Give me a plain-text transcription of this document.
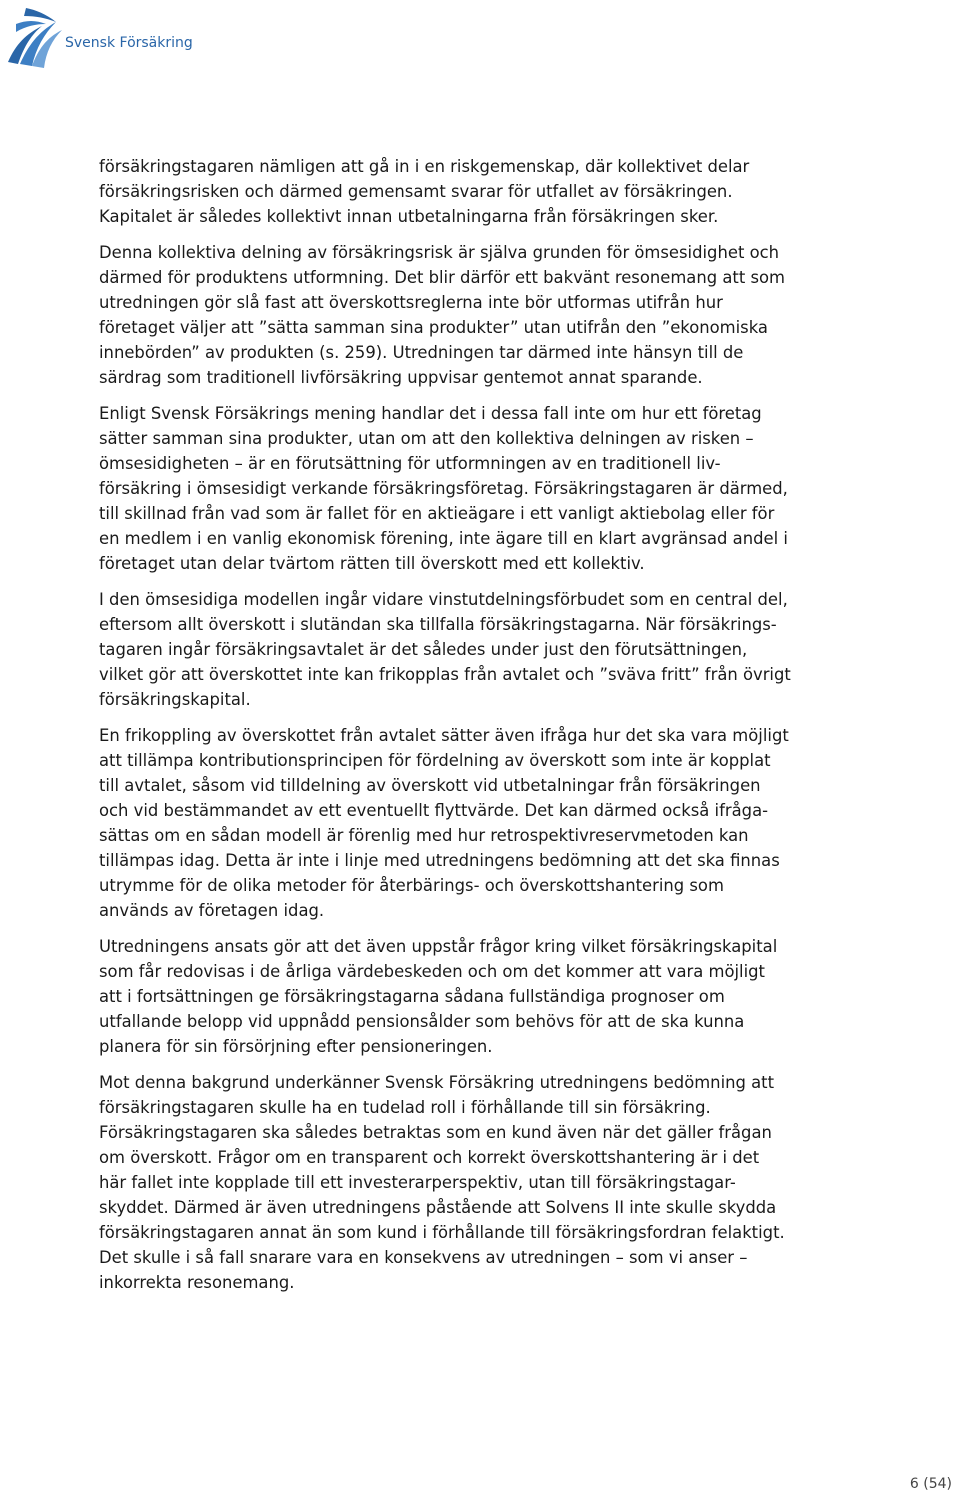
Svensk Försäkring

försäkringstagaren nämligen att gå in i en riskgemenskap, där kollektivet delar
försäkringsrisken och därmed gemensamt svarar för utfallet av försäkringen.
Kapitalet är således kollektivt innan utbetalningarna från försäkringen sker.

Denna kollektiva delning av försäkringsrisk är själva grunden för ömsesidighet och
därmed för produktens utformning. Det blir därför ett bakvänt resonemang att som
utredningen gör slå fast att överskottsreglerna inte bör utformas utifrån hur
företaget väljer att ”sätta samman sina produkter” utan utifrån den ”ekonomiska
innebörden” av produkten (s. 259). Utredningen tar därmed inte hänsyn till de
särdrag som traditionell livförsäkring uppvisar gentemot annat sparande.

Enligt Svensk Försäkrings mening handlar det i dessa fall inte om hur ett företag
sätter samman sina produkter, utan om att den kollektiva delningen av risken –
ömsesidigheten – är en förutsättning för utformningen av en traditionell liv-
försäkring i ömsesidigt verkande försäkringsföretag. Försäkringstagaren är därmed,
till skillnad från vad som är fallet för en aktieägare i ett vanligt aktiebolag eller för
en medlem i en vanlig ekonomisk förening, inte ägare till en klart avgränsad andel i
företaget utan delar tvärtom rätten till överskott med ett kollektiv.

I den ömsesidiga modellen ingår vidare vinstutdelningsförbudet som en central del,
eftersom allt överskott i slutändan ska tillfalla försäkringstagarna. När försäkrings-
tagaren ingår försäkringsavtalet är det således under just den förutsättningen,
vilket gör att överskottet inte kan frikopplas från avtalet och ”sväva fritt” från övrigt
försäkringskapital.

En frikoppling av överskottet från avtalet sätter även ifråga hur det ska vara möjligt
att tillämpa kontributionsprincipen för fördelning av överskott som inte är kopplat
till avtalet, såsom vid tilldelning av överskott vid utbetalningar från försäkringen
och vid bestämmandet av ett eventuellt flyttvärde. Det kan därmed också ifråga-
sättas om en sådan modell är förenlig med hur retrospektivreservmetoden kan
tillämpas idag. Detta är inte i linje med utredningens bedömning att det ska finnas
utrymme för de olika metoder för återbärings- och överskottshantering som
används av företagen idag.

Utredningens ansats gör att det även uppstår frågor kring vilket försäkringskapital
som får redovisas i de årliga värdebeskeden och om det kommer att vara möjligt
att i fortsättningen ge försäkringstagarna sådana fullständiga prognoser om
utfallande belopp vid uppnådd pensionsålder som behövs för att de ska kunna
planera för sin försörjning efter pensioneringen.

Mot denna bakgrund underkänner Svensk Försäkring utredningens bedömning att
försäkringstagaren skulle ha en tudelad roll i förhållande till sin försäkring.
Försäkringstagaren ska således betraktas som en kund även när det gäller frågan
om överskott. Frågor om en transparent och korrekt överskottshantering är i det
här fallet inte kopplade till ett investerarperspektiv, utan till försäkringstagar-
skyddet. Därmed är även utredningens påstående att Solvens II inte skulle skydda
försäkringstagaren annat än som kund i förhållande till försäkringsfordran felaktigt.
Det skulle i så fall snarare vara en konsekvens av utredningen – som vi anser –
inkorrekta resonemang.

6 (54)
